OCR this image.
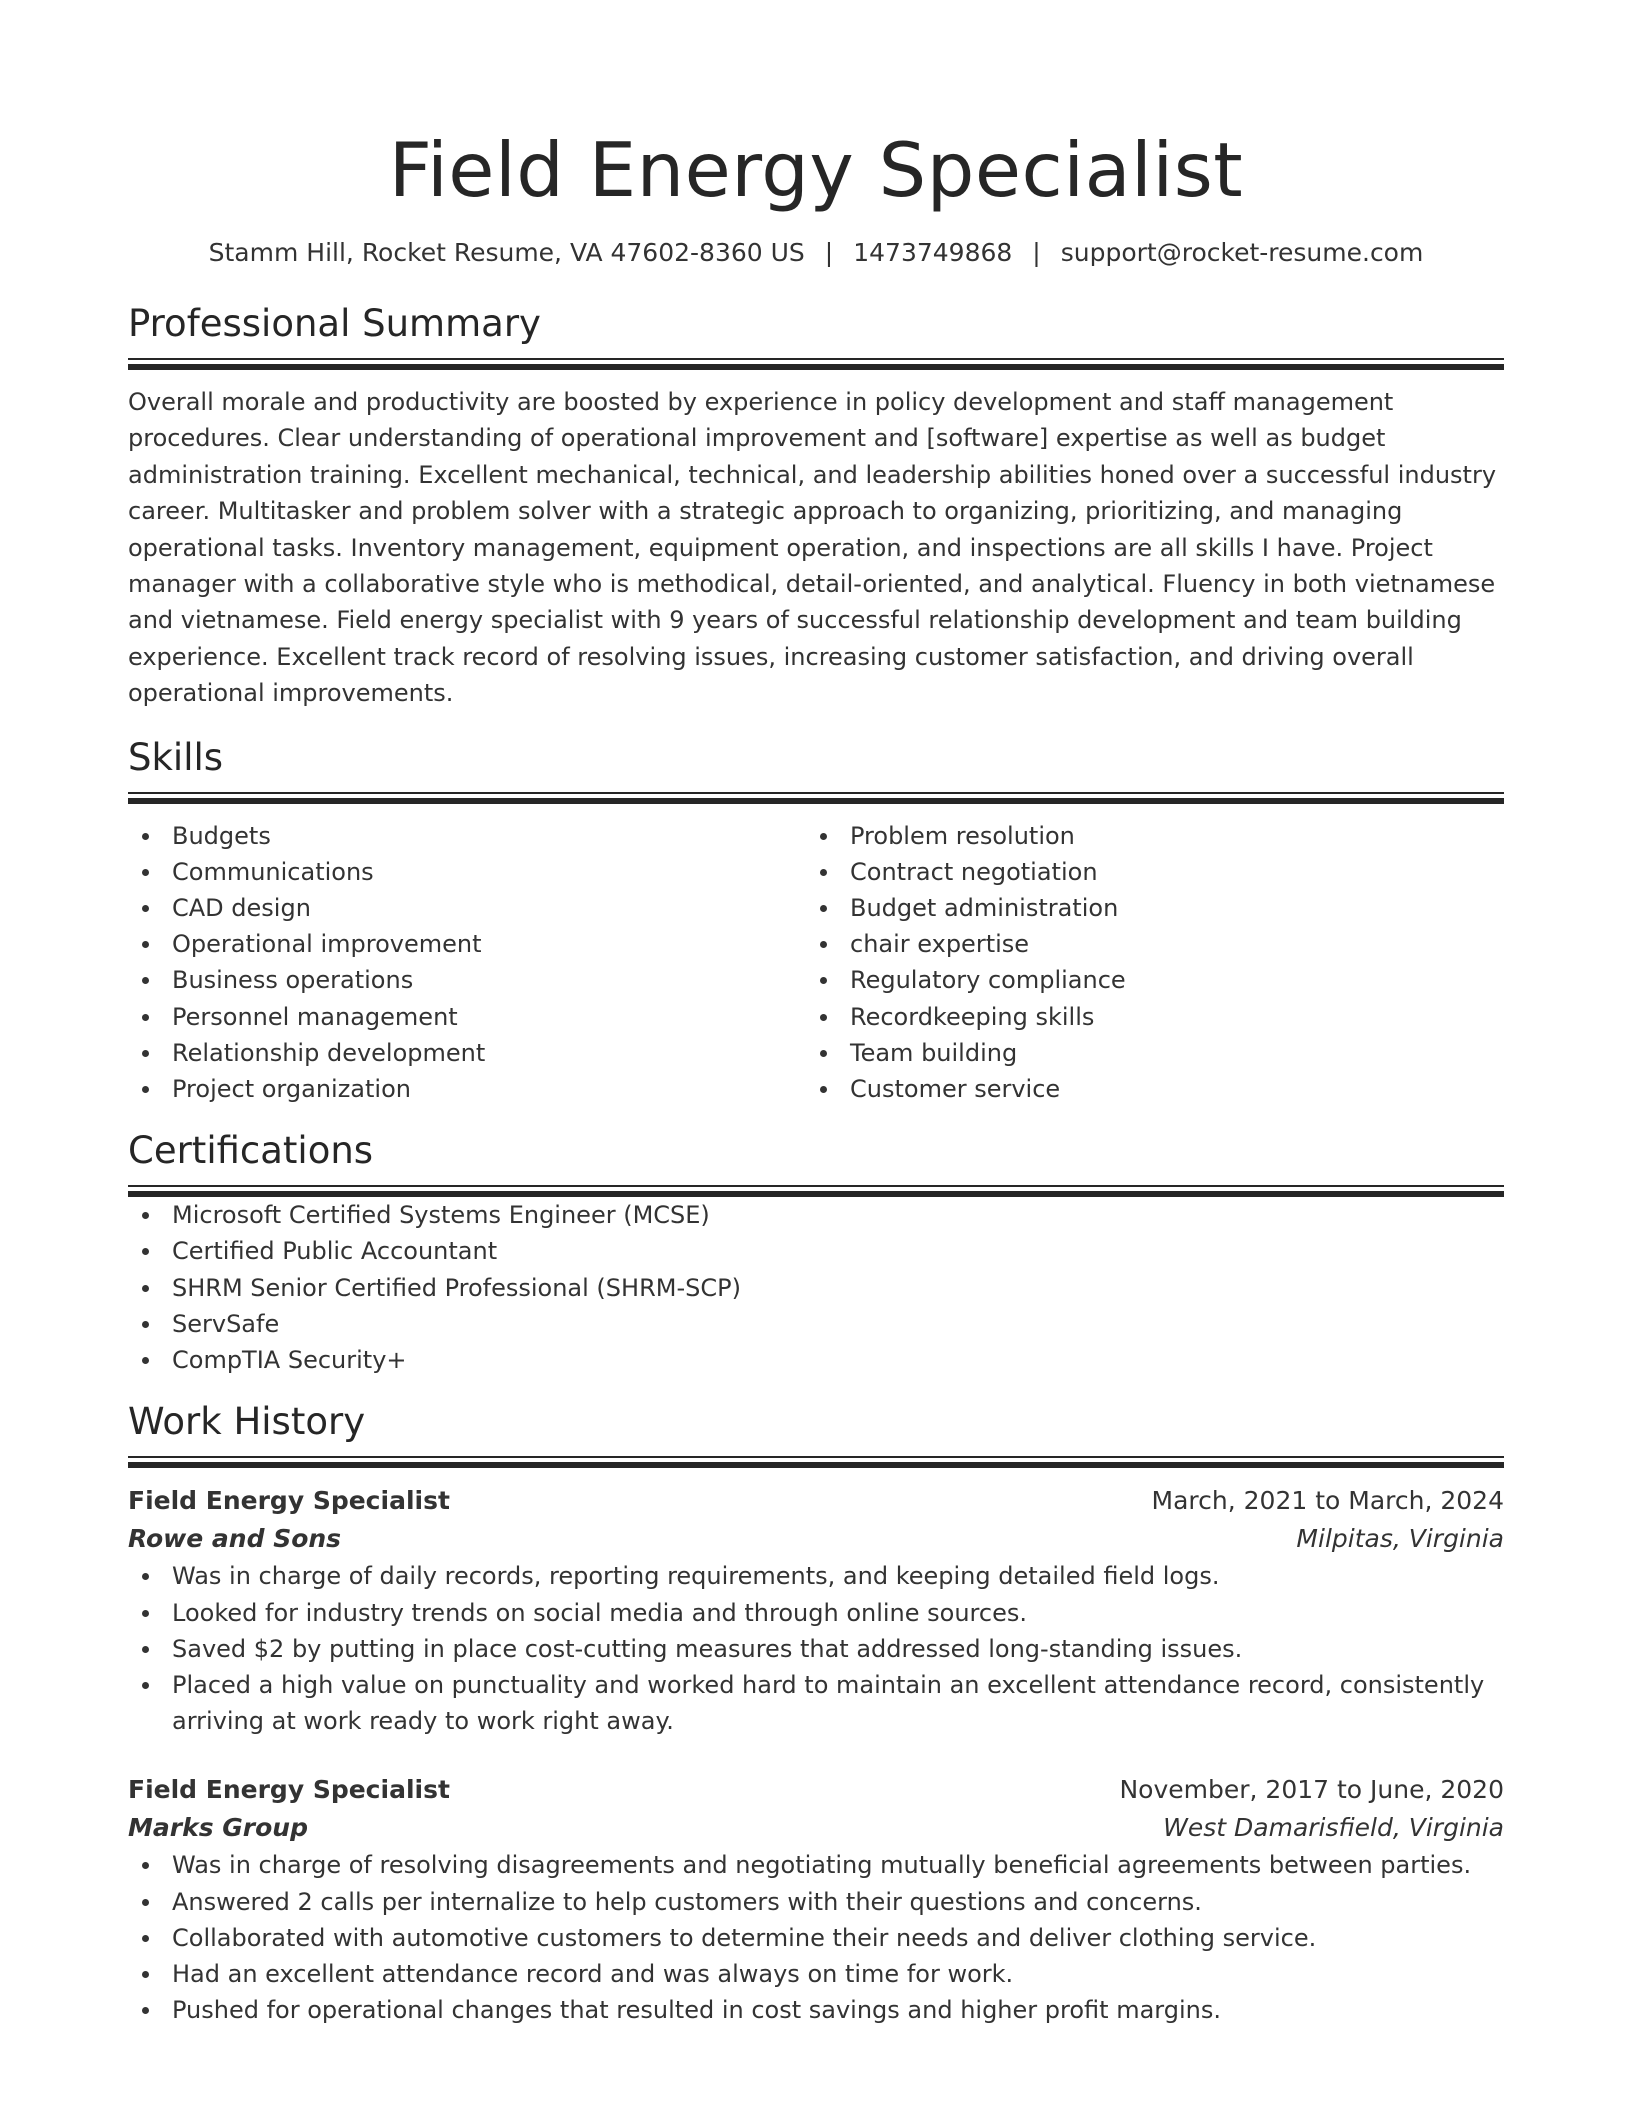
Field Energy Specialist
Stamm Hill, Rocket Resume, VA 47602-8360 US | 1473749868 | support@rocket-resume.com
Professional Summary
Overall morale and productivity are boosted by experience in policy development and staff management procedures. Clear understanding of operational improvement and [software] expertise as well as budget administration training. Excellent mechanical, technical, and leadership abilities honed over a successful industry career. Multitasker and problem solver with a strategic approach to organizing, prioritizing, and managing operational tasks. Inventory management, equipment operation, and inspections are all skills I have. Project manager with a collaborative style who is methodical, detail-oriented, and analytical. Fluency in both vietnamese and vietnamese. Field energy specialist with 9 years of successful relationship development and team building experience. Excellent track record of resolving issues, increasing customer satisfaction, and driving overall operational improvements.
Skills
Budgets
Communications
CAD design
Operational improvement
Business operations
Personnel management
Relationship development
Project organization
Problem resolution
Contract negotiation
Budget administration
chair expertise
Regulatory compliance
Recordkeeping skills
Team building
Customer service
Certifications
Microsoft Certified Systems Engineer (MCSE)
Certified Public Accountant
SHRM Senior Certified Professional (SHRM-SCP)
ServSafe
CompTIA Security+
Work History
Field Energy Specialist	March, 2021 to March, 2024
Rowe and Sons	Milpitas, Virginia
Was in charge of daily records, reporting requirements, and keeping detailed field logs.
Looked for industry trends on social media and through online sources.
Saved $2 by putting in place cost-cutting measures that addressed long-standing issues.
Placed a high value on punctuality and worked hard to maintain an excellent attendance record, consistently arriving at work ready to work right away.
Field Energy Specialist	November, 2017 to June, 2020
Marks Group	West Damarisfield, Virginia
Was in charge of resolving disagreements and negotiating mutually beneficial agreements between parties.
Answered 2 calls per internalize to help customers with their questions and concerns.
Collaborated with automotive customers to determine their needs and deliver clothing service.
Had an excellent attendance record and was always on time for work.
Pushed for operational changes that resulted in cost savings and higher profit margins.
